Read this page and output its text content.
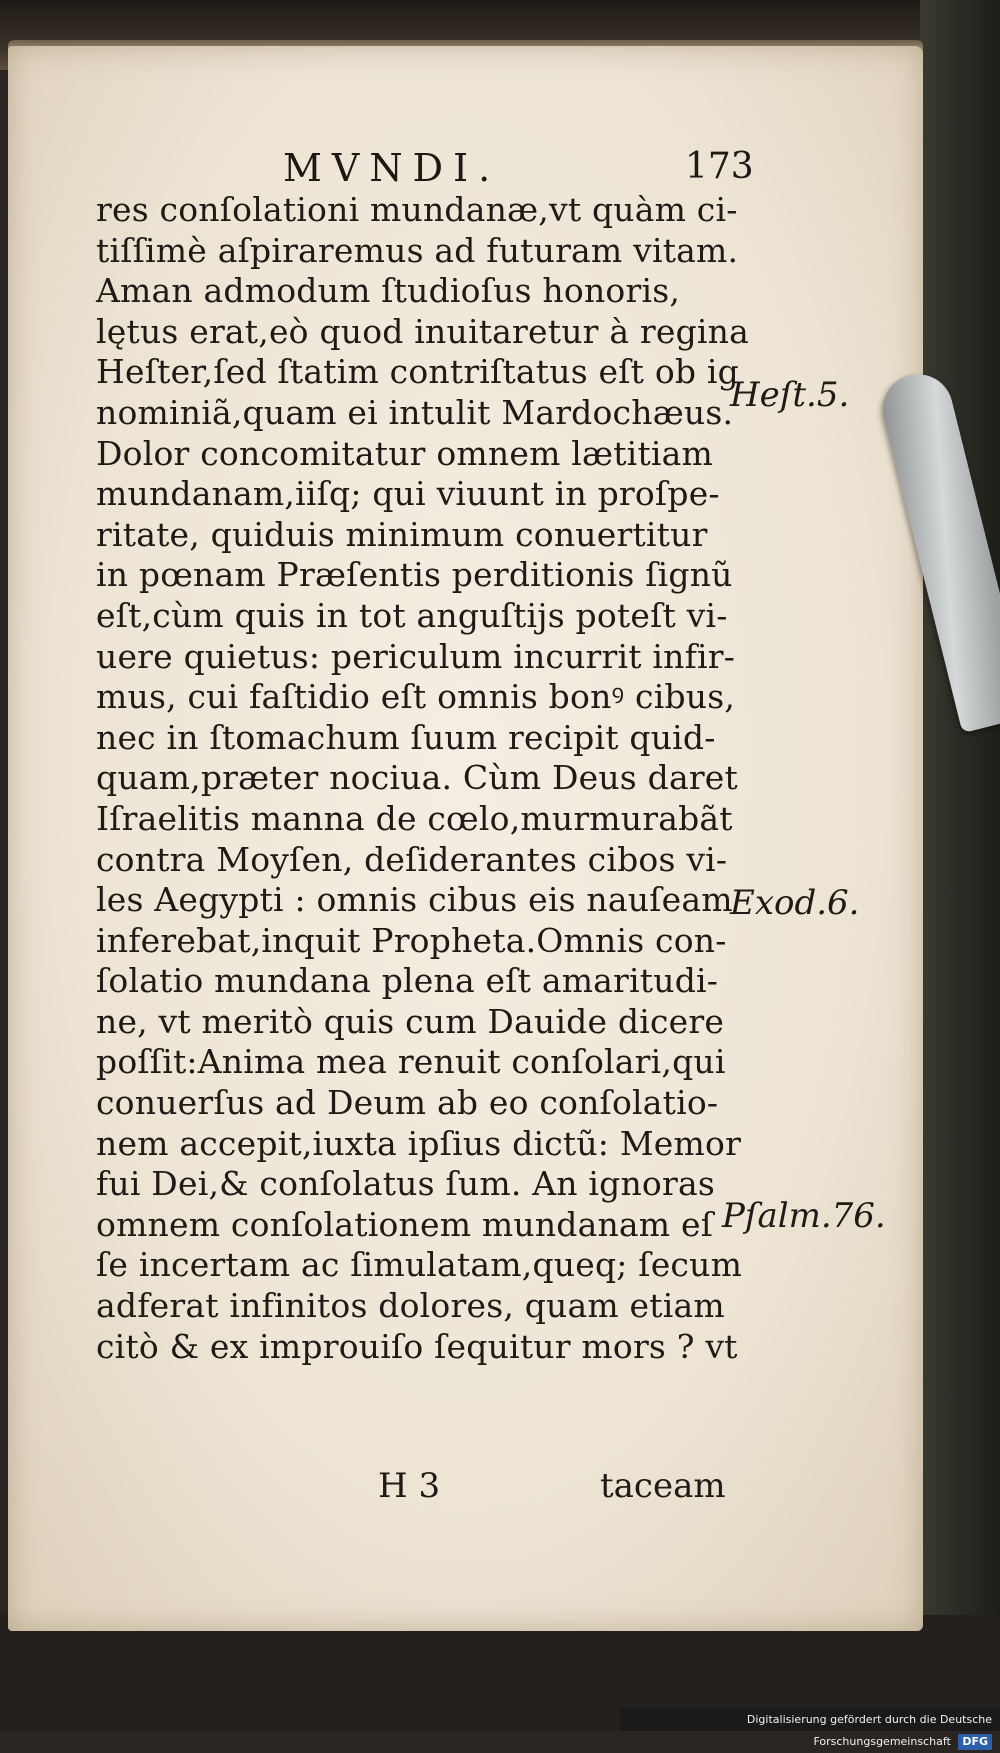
MVNDI.	173
res conſolationi mundanæ,vt quàm ci-
tiſſimè aſpiraremus ad futuram vitam.
Aman admodum ſtudioſus honoris,
lętus erat,eò quod inuitaretur à regina
Heſter,ſed ſtatim contriſtatus eſt ob ig
nominiã,quam ei intulit Mardochæus.
Dolor concomitatur omnem lætitiam
mundanam,iiſq; qui viuunt in proſpe-
ritate, quiduis minimum conuertitur
in pœnam Præſentis perditionis ſignũ
eſt,cùm quis in tot anguſtijs poteſt vi-
uere quietus: periculum incurrit infir-
mus, cui faſtidio eſt omnis bonꝰ cibus,
nec in ſtomachum ſuum recipit quid-
quam,præter nociua. Cùm Deus daret
Iſraelitis manna de cœlo,murmurabãt
contra Moyſen, deſiderantes cibos vi-
les Aegypti : omnis cibus eis nauſeam
inferebat,inquit Propheta.Omnis con-
ſolatio mundana plena eſt amaritudi-
ne, vt meritò quis cum Dauide dicere
poſſit:Anima mea renuit conſolari,qui
conuerſus ad Deum ab eo conſolatio-
nem accepit,iuxta ipſius dictũ: Memor
fui Dei,& conſolatus ſum. An ignoras
omnem conſolationem mundanam eſ
ſe incertam ac ſimulatam,queq; ſecum
adferat infinitos dolores, quam etiam
citò & ex improuiſo ſequitur mors ? vt
Heſt.5.
Exod.6.
Pſalm.76.
H 3	taceam
Digitalisierung gefördert durch die Deutsche Forschungsgemeinschaft DFG
